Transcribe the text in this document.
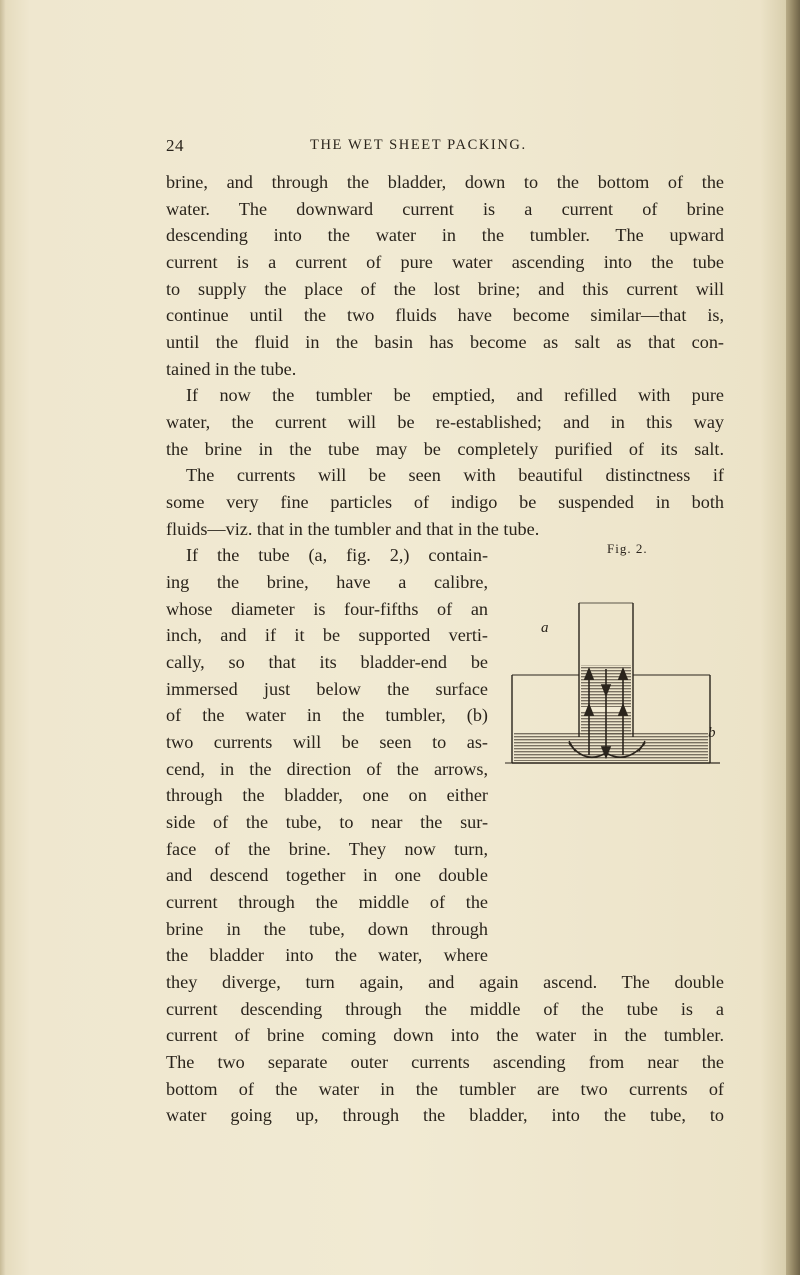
24	THE WET SHEET PACKING.
brine, and through the bladder, down to the bottom of the
water. The downward current is a current of brine
descending into the water in the tumbler. The upward
current is a current of pure water ascending into the tube
to supply the place of the lost brine; and this current will
continue until the two fluids have become similar—that is,
until the fluid in the basin has become as salt as that con-
tained in the tube.
If now the tumbler be emptied, and refilled with pure
water, the current will be re-established; and in this way
the brine in the tube may be completely purified of its salt.
The currents will be seen with beautiful distinctness if
some very fine particles of indigo be suspended in both
fluids—viz. that in the tumbler and that in the tube.
If the tube (a, fig. 2,) contain-
ing the brine, have a calibre,
whose diameter is four-fifths of an
inch, and if it be supported verti-
cally, so that its bladder-end be
immersed just below the surface
of the water in the tumbler, (b)
two currents will be seen to as-
cend, in the direction of the arrows,
through the bladder, one on either
side of the tube, to near the sur-
face of the brine. They now turn,
and descend together in one double
current through the middle of the
brine in the tube, down through
the bladder into the water, where
they diverge, turn again, and again ascend. The double
current descending through the middle of the tube is a
current of brine coming down into the water in the tumbler.
The two separate outer currents ascending from near the
bottom of the water in the tumbler are two currents of
water going up, through the bladder, into the tube, to
Fig. 2.
a
b
